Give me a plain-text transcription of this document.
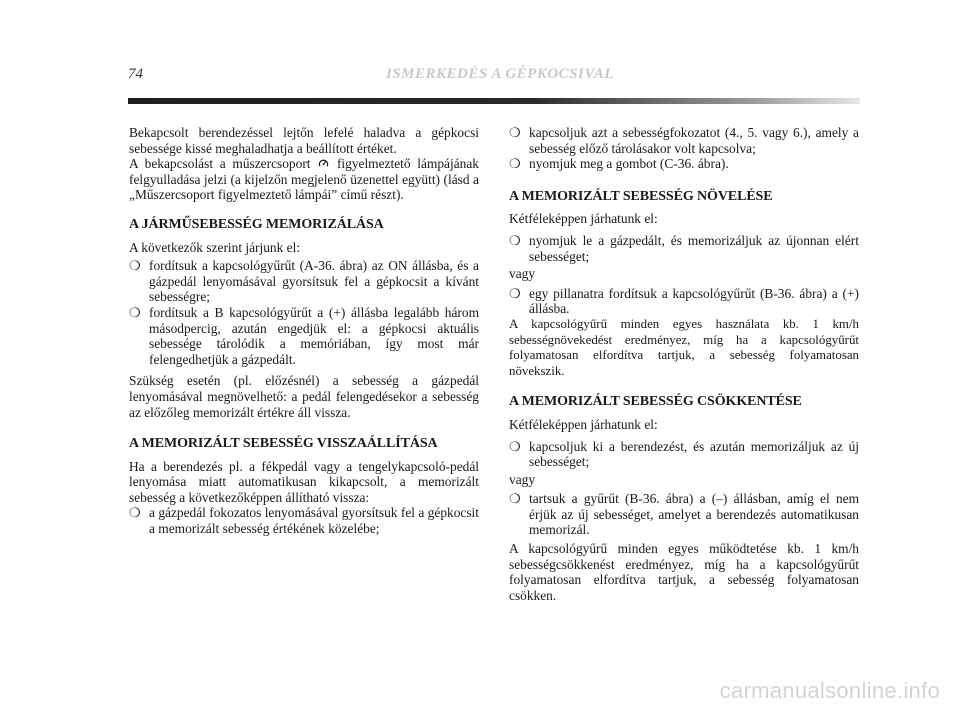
74	ISMERKEDÉS A GÉPKOCSIVAL

Bekapcsolt berendezéssel lejtőn lefelé haladva a gépkocsi sebessége kissé meghaladhatja a beállított értéket.

A bekapcsolást a műszercsoport figyelmeztető lámpájának felgyulladása jelzi (a kijelzőn megjelenő üzenettel együtt) (lásd a „Műszercsoport figyelmeztető lámpái” című részt).

A JÁRMŰSEBESSÉG MEMORIZÁLÁSA

A következők szerint járjunk el:

❍ fordítsuk a kapcsológyűrűt (A-36. ábra) az ON állásba, és a gázpedál lenyomásával gyorsítsuk fel a gépkocsit a kívánt sebességre;

❍ fordítsuk a B kapcsológyűrűt a (+) állásba legalább három másodpercig, azután engedjük el: a gépkocsi aktuális sebessége tárolódik a memóriában, így most már felengedhetjük a gázpedált.

Szükség esetén (pl. előzésnél) a sebesség a gázpedál lenyomásával megnövelhető: a pedál felengedésekor a sebesség az előzőleg memorizált értékre áll vissza.

A MEMORIZÁLT SEBESSÉG VISSZAÁLLÍTÁSA

Ha a berendezés pl. a fékpedál vagy a tengelykapcsoló-pedál lenyomása miatt automatikusan kikapcsolt, a memorizált sebesség a következőképpen állítható vissza:

❍ a gázpedál fokozatos lenyomásával gyorsítsuk fel a gépkocsit a memorizált sebesség értékének közelébe;

❍ kapcsoljuk azt a sebességfokozatot (4., 5. vagy 6.), amely a sebesség előző tárolásakor volt kapcsolva;

❍ nyomjuk meg a gombot (C-36. ábra).

A MEMORIZÁLT SEBESSÉG NÖVELÉSE

Kétféleképpen járhatunk el:

❍ nyomjuk le a gázpedált, és memorizáljuk az újonnan elért sebességet;

vagy

❍ egy pillanatra fordítsuk a kapcsológyűrűt (B-36. ábra) a (+) állásba.

A kapcsológyűrű minden egyes használata kb. 1 km/h sebességnövekedést eredményez, míg ha a kapcsológyűrűt folyamatosan elfordítva tartjuk, a sebesség folyamatosan növekszik.

A MEMORIZÁLT SEBESSÉG CSÖKKENTÉSE

Kétféleképpen járhatunk el:

❍ kapcsoljuk ki a berendezést, és azután memorizáljuk az új sebességet;

vagy

❍ tartsuk a gyűrűt (B-36. ábra) a (–) állásban, amíg el nem érjük az új sebességet, amelyet a berendezés automatikusan memorizál.

A kapcsológyűrű minden egyes működtetése kb. 1 km/h sebességcsökkenést eredményez, míg ha a kapcsológyűrűt folyamatosan elfordítva tartjuk, a sebesség folyamatosan csökken.

carmanualsonline.info
